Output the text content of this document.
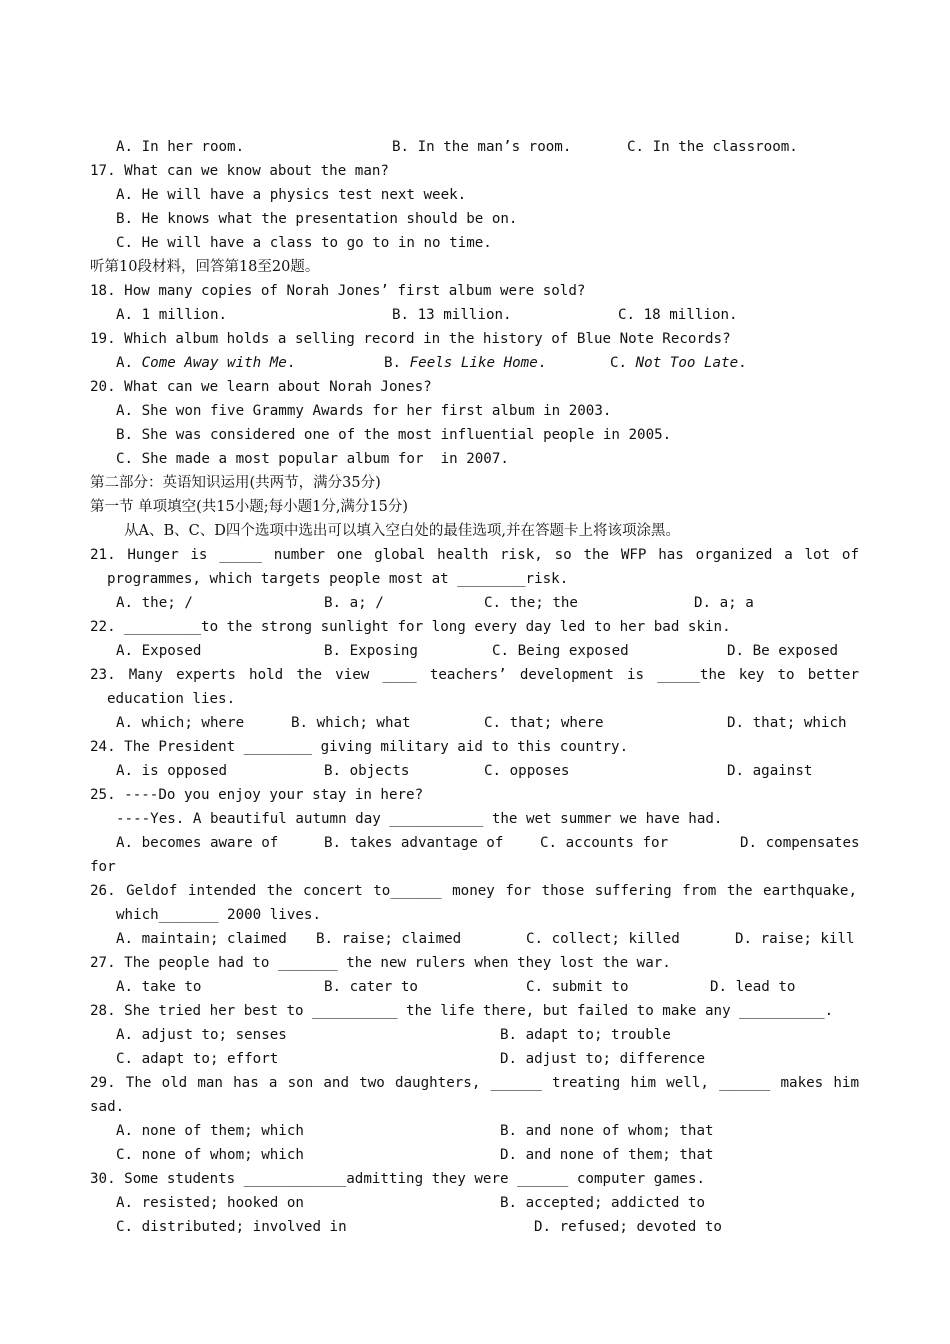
A. In her room.

	B. In the man’s room.

	C. In the classroom.

17. What can we know about the man?
A. He will have a physics test next week.
B. He knows what the presentation should be on.
C. He will have a class to go to in no time.
听第10段材料，回答第18至20题。
18. How many copies of Norah Jones’ first album were sold?

A. 1 million.

	B. 13 million.

	C. 18 million.

19. Which album holds a selling record in the history of Blue Note Records?

A. Come Away with Me.

	B. Feels Like Home.

	C. Not Too Late.

20. What can we learn about Norah Jones?
A. She won five Grammy Awards for her first album in 2003.
B. She was considered one of the most influential people in 2005.
C. She made a most popular album for  in 2007.
第二部分：英语知识运用(共两节，满分35分)
第一节 单项填空(共15小题;每小题1分,满分15分)
从A、B、C、D四个选项中选出可以填入空白处的最佳选项,并在答题卡上将该项涂黑。
21. Hunger is _____ number one global health risk, so the WFP has organized a lot of
programmes, which targets people most at ________risk.

A. the; /

	B. a; /

	C. the; the

	D. a; a

22. _________to the strong sunlight for long every day led to her bad skin.

A. Exposed

	B. Exposing

	C. Being exposed

	D. Be exposed

23. Many experts hold the view ____ teachers’ development is _____the key to better
education lies.

A. which; where

	B. which; what

	C. that; where

	D. that; which

24. The President ________ giving military aid to this country.

A. is opposed

	B. objects

	C. opposes

	D. against

25. ----Do you enjoy your stay in here?
----Yes. A beautiful autumn day ___________ the wet summer we have had.

A. becomes aware of

	B. takes advantage of

	C. accounts for

	D. compensates

for
26. Geldof intended the concert to______ money for those suffering from the earthquake,
which_______ 2000 lives.

A. maintain; claimed

B. raise; claimed

	C. collect; killed

	D. raise; kill

27. The people had to _______ the new rulers when they lost the war.

A. take to

	B. cater to

	C. submit to

	D. lead to

28. She tried her best to __________ the life there, but failed to make any __________.

A. adjust to; senses

	B. adapt to; trouble

C. adapt to; effort

	D. adjust to; difference

29. The old man has a son and two daughters, ______ treating him well, ______ makes him
sad.

A. none of them; which

	B. and none of whom; that

C. none of whom; which

	D. and none of them; that

30. Some students ____________admitting they were ______ computer games.

A. resisted; hooked on

	B. accepted; addicted to

C. distributed; involved in

	D. refused; devoted to
